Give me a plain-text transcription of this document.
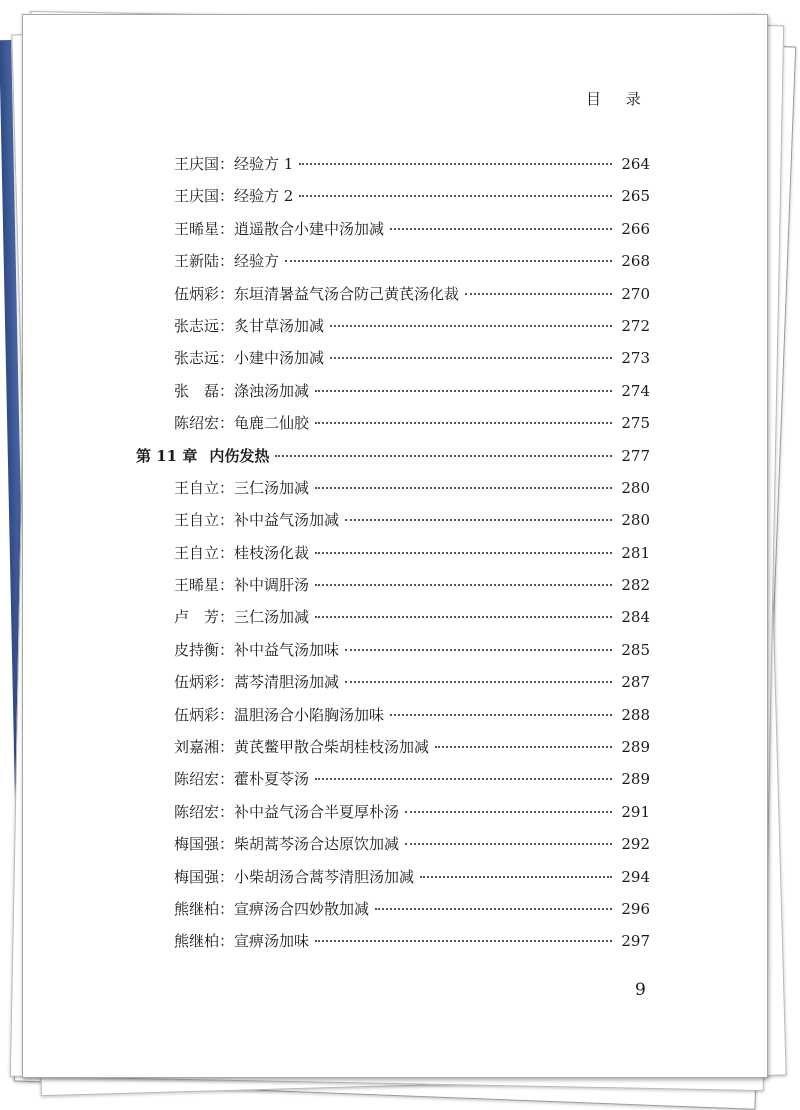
目 录
王庆国：经验方 1	264
王庆国：经验方 2	265
王晞星：逍遥散合小建中汤加减	266
王新陆：经验方	268
伍炳彩：东垣清暑益气汤合防己黄芪汤化裁	270
张志远：炙甘草汤加减	272
张志远：小建中汤加减	273
张　磊：涤浊汤加减	274
陈绍宏：龟鹿二仙胶	275
第 11 章 内伤发热	277
王自立：三仁汤加减	280
王自立：补中益气汤加减	280
王自立：桂枝汤化裁	281
王晞星：补中调肝汤	282
卢　芳：三仁汤加减	284
皮持衡：补中益气汤加味	285
伍炳彩：蒿芩清胆汤加减	287
伍炳彩：温胆汤合小陷胸汤加味	288
刘嘉湘：黄芪鳖甲散合柴胡桂枝汤加减	289
陈绍宏：藿朴夏苓汤	289
陈绍宏：补中益气汤合半夏厚朴汤	291
梅国强：柴胡蒿芩汤合达原饮加减	292
梅国强：小柴胡汤合蒿芩清胆汤加减	294
熊继柏：宣痹汤合四妙散加减	296
熊继柏：宣痹汤加味	297
9
